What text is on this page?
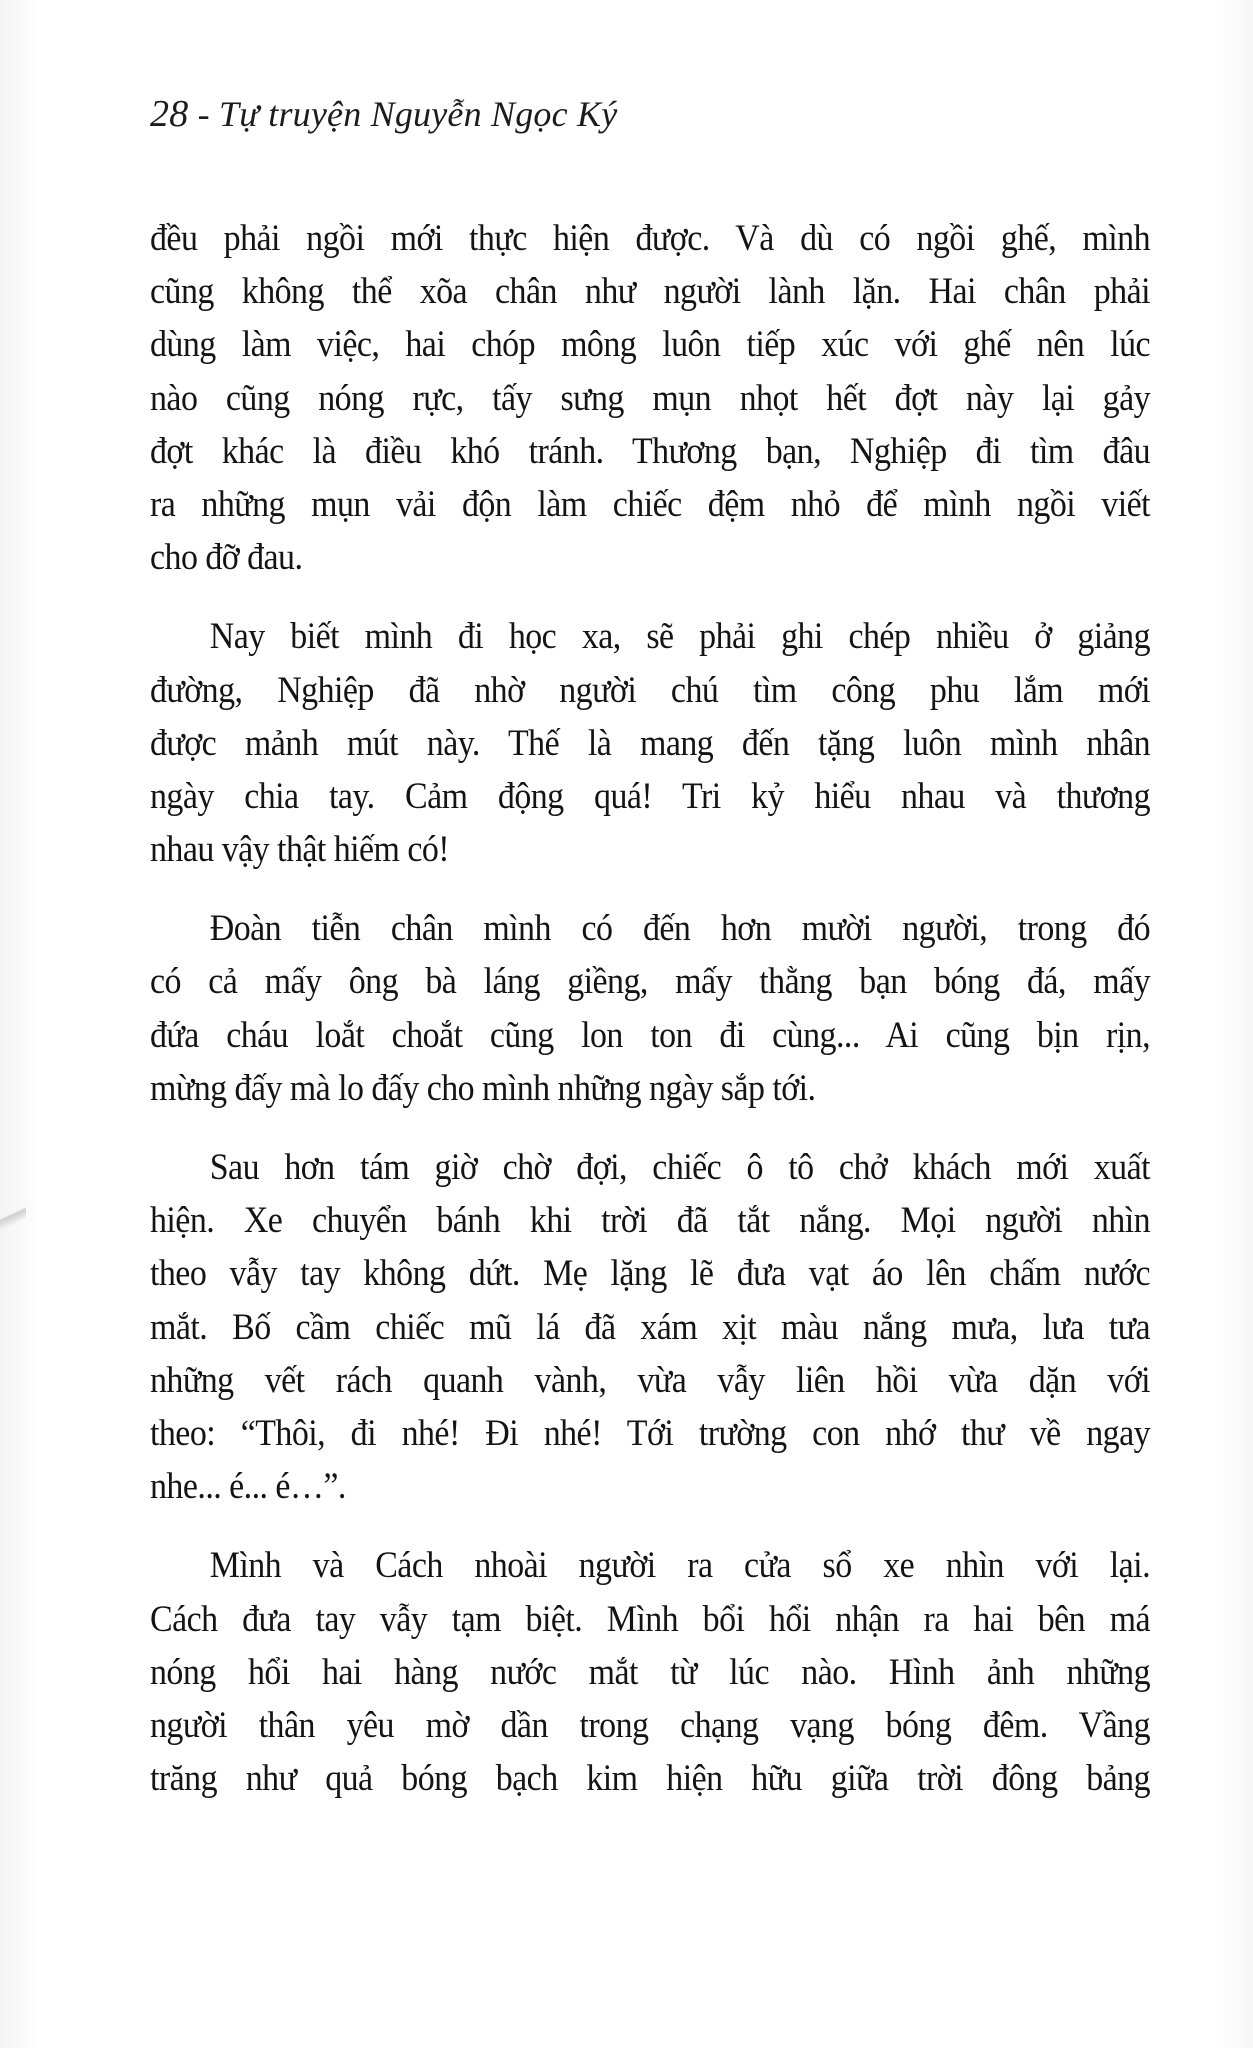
28 - Tự truyện Nguyễn Ngọc Ký
đều phải ngồi mới thực hiện được. Và dù có ngồi ghế, mình
cũng không thể xõa chân như người lành lặn. Hai chân phải
dùng làm việc, hai chóp mông luôn tiếp xúc với ghế nên lúc
nào cũng nóng rực, tấy sưng mụn nhọt hết đợt này lại gảy
đợt khác là điều khó tránh. Thương bạn, Nghiệp đi tìm đâu
ra những mụn vải độn làm chiếc đệm nhỏ để mình ngồi viết
cho đỡ đau.
Nay biết mình đi học xa, sẽ phải ghi chép nhiều ở giảng
đường, Nghiệp đã nhờ người chú tìm công phu lắm mới
được mảnh mút này. Thế là mang đến tặng luôn mình nhân
ngày chia tay. Cảm động quá! Tri kỷ hiểu nhau và thương
nhau vậy thật hiếm có!
Đoàn tiễn chân mình có đến hơn mười người, trong đó
có cả mấy ông bà láng giềng, mấy thằng bạn bóng đá, mấy
đứa cháu loắt choắt cũng lon ton đi cùng... Ai cũng bịn rịn,
mừng đấy mà lo đấy cho mình những ngày sắp tới.
Sau hơn tám giờ chờ đợi, chiếc ô tô chở khách mới xuất
hiện. Xe chuyển bánh khi trời đã tắt nắng. Mọi người nhìn
theo vẫy tay không dứt. Mẹ lặng lẽ đưa vạt áo lên chấm nước
mắt. Bố cầm chiếc mũ lá đã xám xịt màu nắng mưa, lưa tưa
những vết rách quanh vành, vừa vẫy liên hồi vừa dặn với
theo: “Thôi, đi nhé! Đi nhé! Tới trường con nhớ thư về ngay
nhe... é... é…”.
Mình và Cách nhoài người ra cửa sổ xe nhìn với lại.
Cách đưa tay vẫy tạm biệt. Mình bổi hổi nhận ra hai bên má
nóng hổi hai hàng nước mắt từ lúc nào. Hình ảnh những
người thân yêu mờ dần trong chạng vạng bóng đêm. Vầng
trăng như quả bóng bạch kim hiện hữu giữa trời đông bảng
